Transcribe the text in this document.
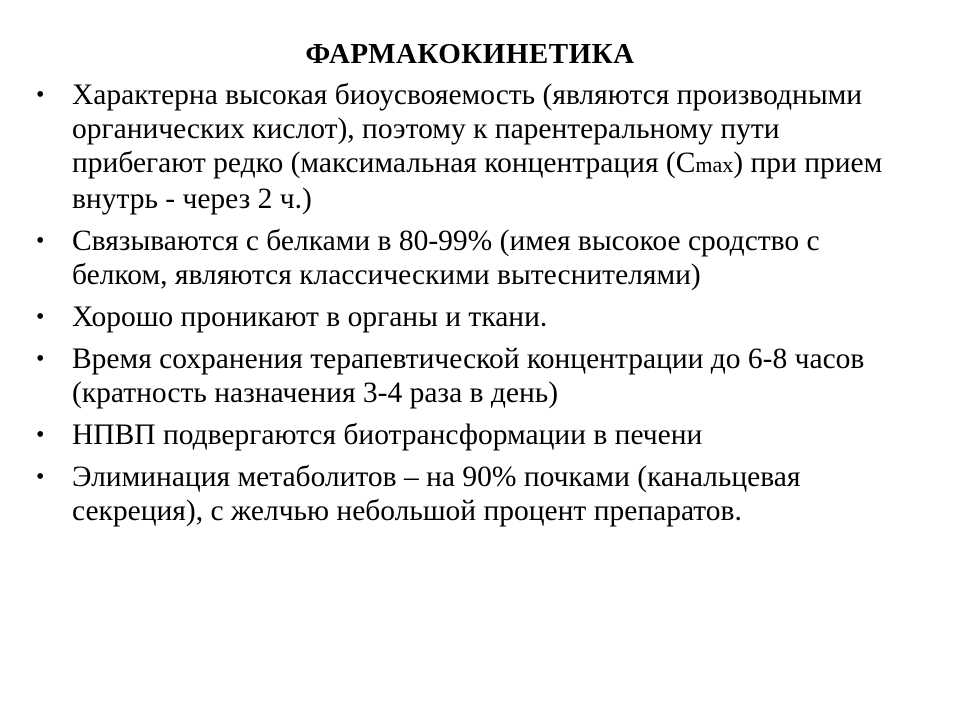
ФАРМАКОКИНЕТИКА
• Характерна высокая биоусвояемость (являются производными органических кислот), поэтому к парентеральному пути прибегают редко (максимальная концентрация (Cmax) при прием внутрь - через 2 ч.)
• Связываются с белками в 80-99% (имея высокое сродство с белком, являются классическими вытеснителями)
• Хорошо проникают в органы и ткани.
• Время сохранения терапевтической концентрации до 6-8 часов (кратность назначения 3-4 раза в день)
• НПВП подвергаются биотрансформации в печени
• Элиминация метаболитов – на 90% почками (канальцевая секреция), с желчью небольшой процент препаратов.
